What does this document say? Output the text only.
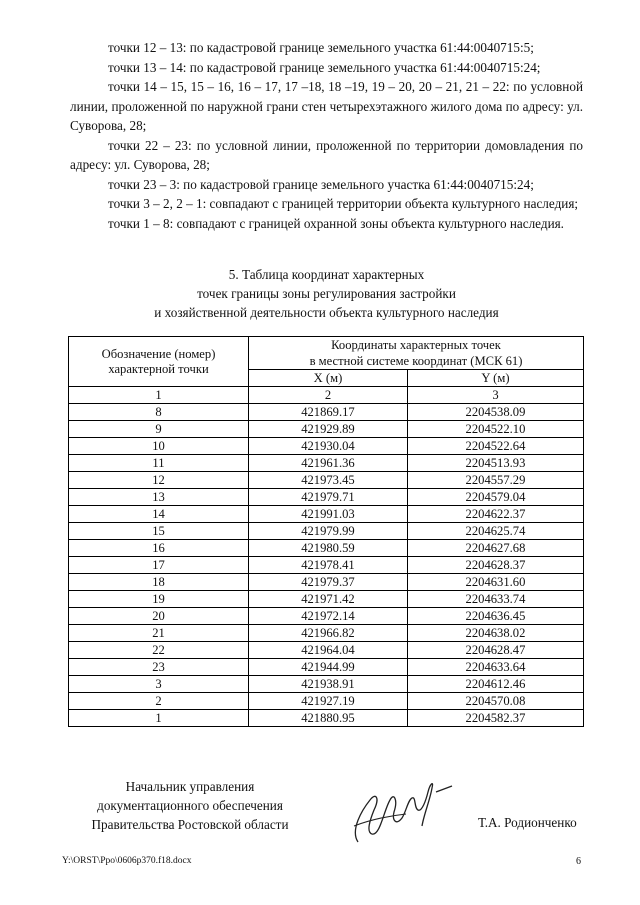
точки 12 – 13: по кадастровой границе земельного участка 61:44:0040715:5;

точки 13 – 14: по кадастровой границе земельного участка 61:44:0040715:24;

точки 14 – 15, 15 – 16, 16 – 17, 17 –18, 18 –19, 19 – 20, 20 – 21, 21 – 22: по условной линии, проложенной по наружной грани стен четырехэтажного жилого дома по адресу: ул. Суворова, 28;

точки 22 – 23: по условной линии, проложенной по территории домовладения по адресу: ул. Суворова, 28;

точки 23 – 3: по кадастровой границе земельного участка 61:44:0040715:24;

точки 3 – 2, 2 – 1: совпадают с границей территории объекта культурного наследия;

точки 1 – 8: совпадают с границей охранной зоны объекта культурного наследия.

5. Таблица координат характерных
точек границы зоны регулирования застройки
и хозяйственной деятельности объекта культурного наследия
Обозначение (номер)
характерной точки	Координаты характерных точек	

	в местной системе координат (МСК 61)	

	X (м)	Y (м)
1	2	3
8	421869.17	2204538.09
9	421929.89	2204522.10
10	421930.04	2204522.64
11	421961.36	2204513.93
12	421973.45	2204557.29
13	421979.71	2204579.04
14	421991.03	2204622.37
15	421979.99	2204625.74
16	421980.59	2204627.68
17	421978.41	2204628.37
18	421979.37	2204631.60
19	421971.42	2204633.74
20	421972.14	2204636.45
21	421966.82	2204638.02
22	421964.04	2204628.47
23	421944.99	2204633.64
3	421938.91	2204612.46
2	421927.19	2204570.08
1	421880.95	2204582.37
Начальник управления
документационного обеспечения
Правительства Ростовской области	Т.А. Родионченко
Y:\ORST\Ppo\0606p370.f18.docx	6
